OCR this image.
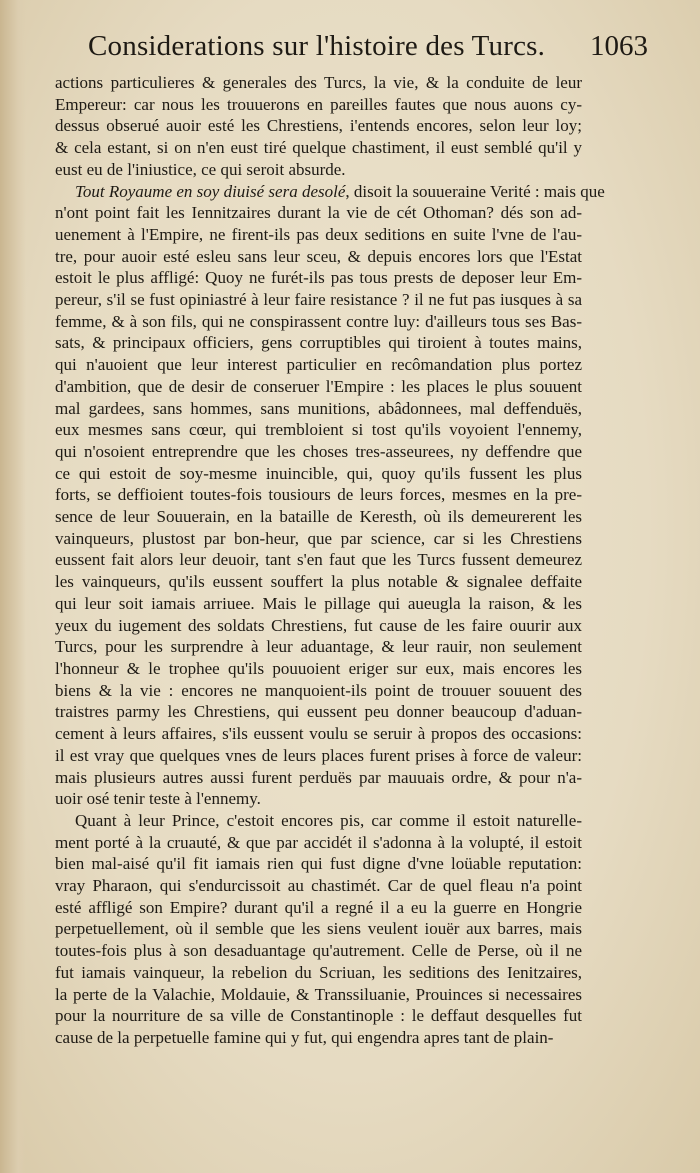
Considerations sur l'histoire des Turcs. 1063
actions particulieres & generales des Turcs, la vie, & la conduite de leur
Empereur: car nous les trouuerons en pareilles fautes que nous auons cy-
dessus obserué auoir esté les Chrestiens, i'entends encores, selon leur loy;
& cela estant, si on n'en eust tiré quelque chastiment, il eust semblé qu'il y
eust eu de l'iniustice, ce qui seroit absurde.
Tout Royaume en soy diuisé sera desolé, disoit la souueraine Verité : mais que
n'ont point fait les Iennitzaires durant la vie de cét Othoman? dés son ad-
uenement à l'Empire, ne firent-ils pas deux seditions en suite l'vne de l'au-
tre, pour auoir esté esleu sans leur sceu, & depuis encores lors que l'Estat
estoit le plus affligé: Quoy ne furét-ils pas tous prests de deposer leur Em-
pereur, s'il se fust opiniastré à leur faire resistance ? il ne fut pas iusques à sa
femme, & à son fils, qui ne conspirassent contre luy: d'ailleurs tous ses Bas-
sats, & principaux officiers, gens corruptibles qui tiroient à toutes mains,
qui n'auoient que leur interest particulier en recômandation plus portez
d'ambition, que de desir de conseruer l'Empire : les places le plus souuent
mal gardees, sans hommes, sans munitions, abâdonnees, mal deffenduës,
eux mesmes sans cœur, qui trembloient si tost qu'ils voyoient l'ennemy,
qui n'osoient entreprendre que les choses tres-asseurees, ny deffendre que
ce qui estoit de soy-mesme inuincible, qui, quoy qu'ils fussent les plus
forts, se deffioient toutes-fois tousiours de leurs forces, mesmes en la pre-
sence de leur Souuerain, en la bataille de Keresth, où ils demeurerent les
vainqueurs, plustost par bon-heur, que par science, car si les Chrestiens
eussent fait alors leur deuoir, tant s'en faut que les Turcs fussent demeurez
les vainqueurs, qu'ils eussent souffert la plus notable & signalee deffaite
qui leur soit iamais arriuee. Mais le pillage qui aueugla la raison, & les
yeux du iugement des soldats Chrestiens, fut cause de les faire ouurir aux
Turcs, pour les surprendre à leur aduantage, & leur rauir, non seulement
l'honneur & le trophee qu'ils pouuoient eriger sur eux, mais encores les
biens & la vie : encores ne manquoient-ils point de trouuer souuent des
traistres parmy les Chrestiens, qui eussent peu donner beaucoup d'aduan-
cement à leurs affaires, s'ils eussent voulu se seruir à propos des occasions:
il est vray que quelques vnes de leurs places furent prises à force de valeur:
mais plusieurs autres aussi furent perduës par mauuais ordre, & pour n'a-
uoir osé tenir teste à l'ennemy.
Quant à leur Prince, c'estoit encores pis, car comme il estoit naturelle-
ment porté à la cruauté, & que par accidét il s'adonna à la volupté, il estoit
bien mal-aisé qu'il fit iamais rien qui fust digne d'vne loüable reputation:
vray Pharaon, qui s'endurcissoit au chastimét. Car de quel fleau n'a point
esté affligé son Empire? durant qu'il a regné il a eu la guerre en Hongrie
perpetuellement, où il semble que les siens veulent iouër aux barres, mais
toutes-fois plus à son desaduantage qu'autrement. Celle de Perse, où il ne
fut iamais vainqueur, la rebelion du Scriuan, les seditions des Ienitzaires,
la perte de la Valachie, Moldauie, & Transsiluanie, Prouinces si necessaires
pour la nourriture de sa ville de Constantinople : le deffaut desquelles fut
cause de la perpetuelle famine qui y fut, qui engendra apres tant de plain-
